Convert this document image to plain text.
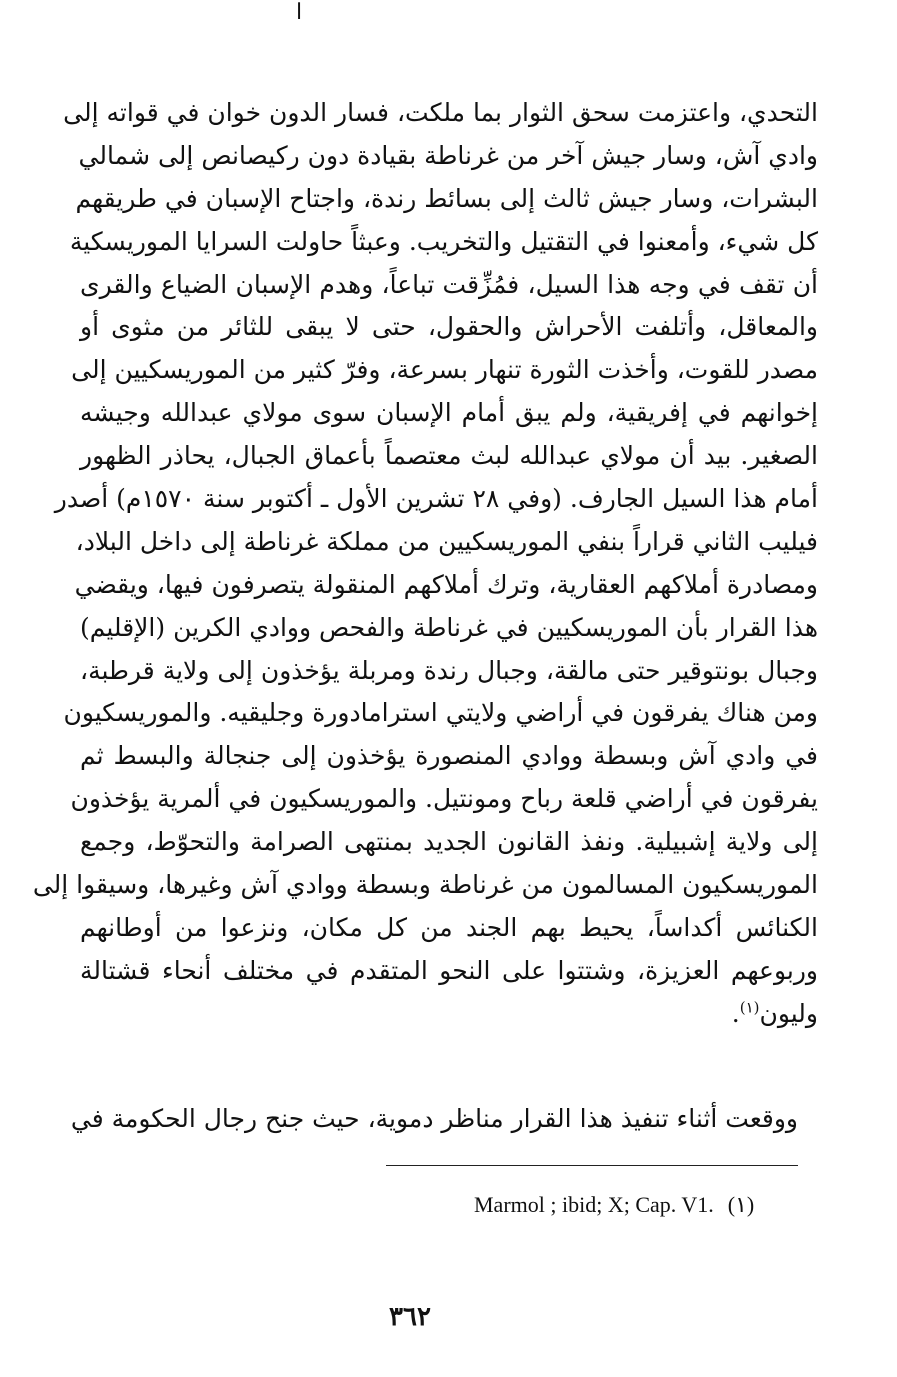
ا
التحدي، واعتزمت سحق الثوار بما ملكت، فسار الدون خوان في قواته إلى
وادي آش، وسار جيش آخر من غرناطة بقيادة دون ركيصانص إلى شمالي
البشرات، وسار جيش ثالث إلى بسائط رندة، واجتاح الإسبان في طريقهم
كل شيء، وأمعنوا في التقتيل والتخريب. وعبثاً حاولت السرايا الموريسكية
أن تقف في وجه هذا السيل، فمُزِّقت تباعاً، وهدم الإسبان الضياع والقرى
والمعاقل، وأتلفت الأحراش والحقول، حتى لا يبقى للثائر من مثوى أو
مصدر للقوت، وأخذت الثورة تنهار بسرعة، وفرّ كثير من الموريسكيين إلى
إخوانهم في إفريقية، ولم يبق أمام الإسبان سوى مولاي عبدالله وجيشه
الصغير. بيد أن مولاي عبدالله لبث معتصماً بأعماق الجبال، يحاذر الظهور
أمام هذا السيل الجارف. (وفي ٢٨ تشرين الأول ـ أكتوبر سنة ١٥٧٠م) أصدر
فيليب الثاني قراراً بنفي الموريسكيين من مملكة غرناطة إلى داخل البلاد،
ومصادرة أملاكهم العقارية، وترك أملاكهم المنقولة يتصرفون فيها، ويقضي
هذا القرار بأن الموريسكيين في غرناطة والفحص ووادي الكرين (الإقليم)
وجبال بونتوقير حتى مالقة، وجبال رندة ومربلة يؤخذون إلى ولاية قرطبة،
ومن هناك يفرقون في أراضي ولايتي استرامادورة وجليقيه. والموريسكيون
في وادي آش وبسطة ووادي المنصورة يؤخذون إلى جنجالة والبسط ثم
يفرقون في أراضي قلعة رباح ومونتيل. والموريسكيون في ألمرية يؤخذون
إلى ولاية إشبيلية. ونفذ القانون الجديد بمنتهى الصرامة والتحوّط، وجمع
الموريسكيون المسالمون من غرناطة وبسطة ووادي آش وغيرها، وسيقوا إلى
الكنائس أكداساً، يحيط بهم الجند من كل مكان، ونزعوا من أوطانهم
وربوعهم العزيزة، وشتتوا على النحو المتقدم في مختلف أنحاء قشتالة
وليون$^{(١)}$.
ووقعت أثناء تنفيذ هذا القرار مناظر دموية، حيث جنح رجال الحكومة في
Marmol ; ibid; X; Cap. V1. (١)
٣٦٢
